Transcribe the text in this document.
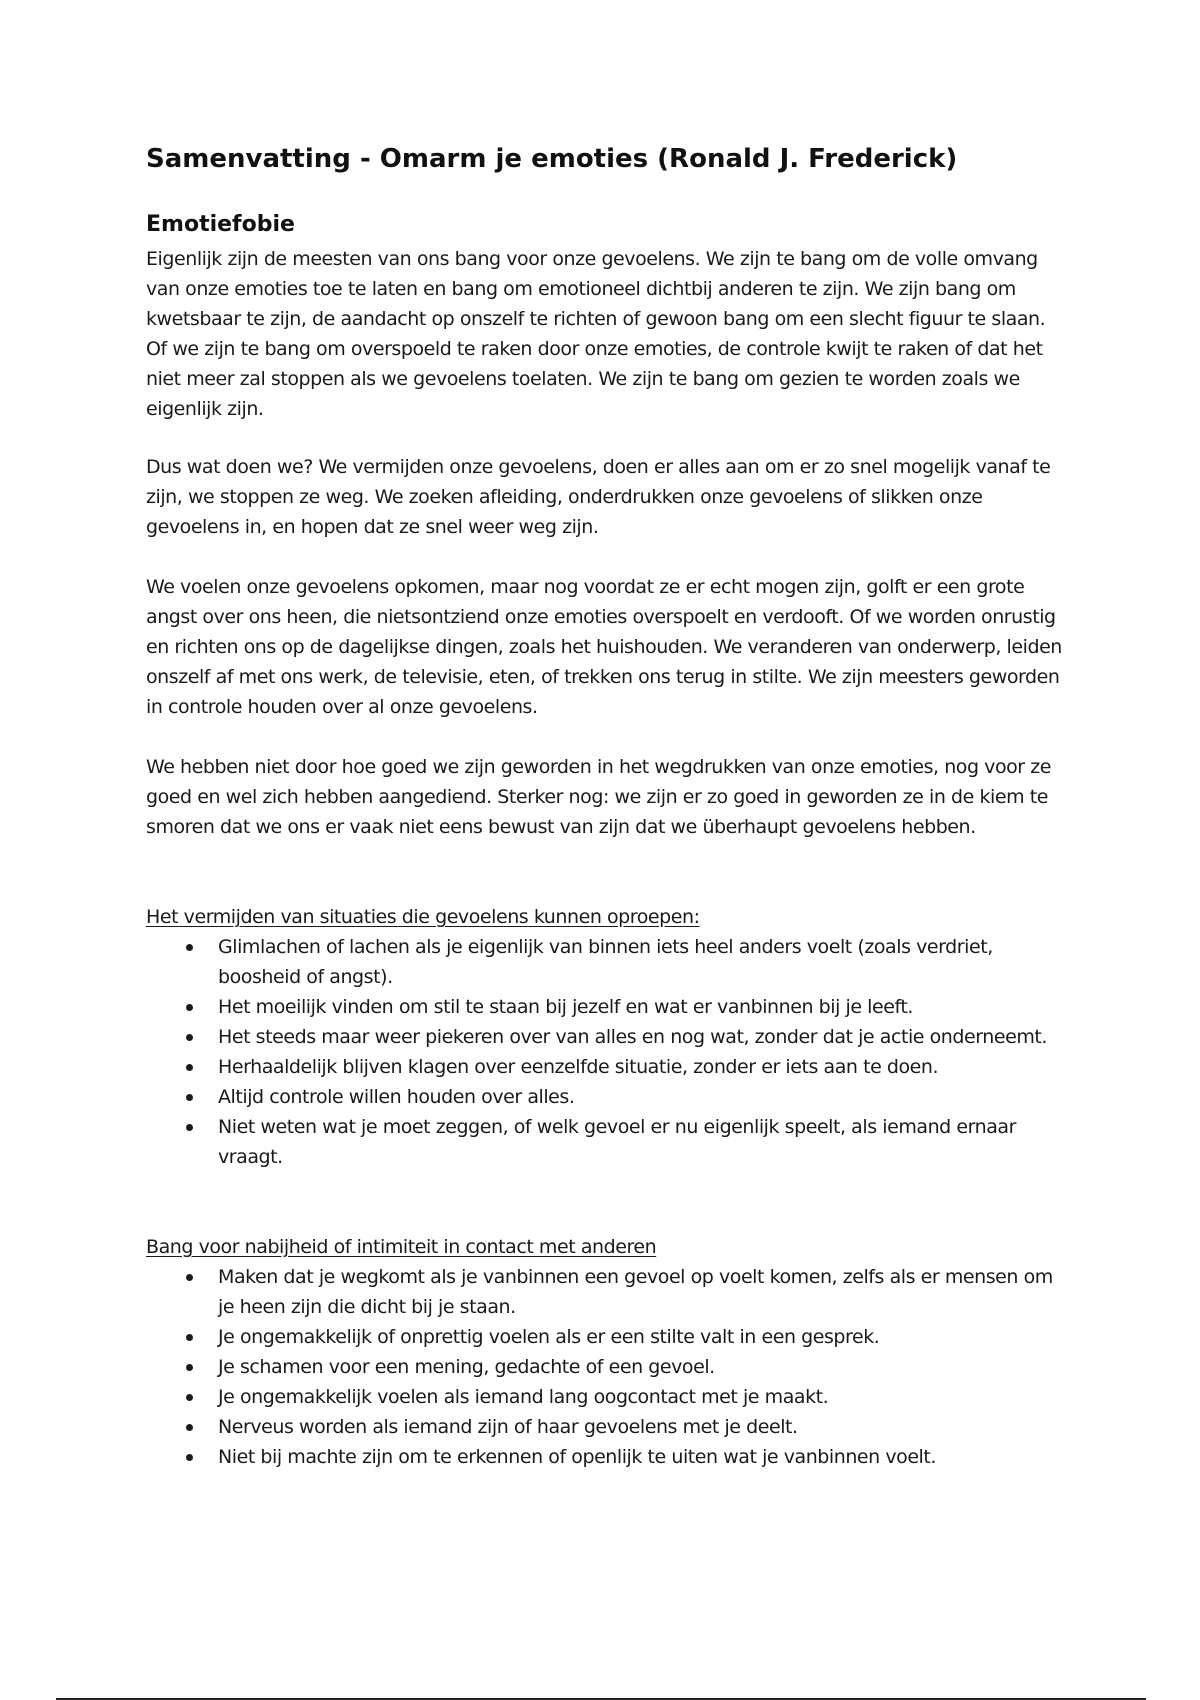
Samenvatting - Omarm je emoties (Ronald J. Frederick)
Emotiefobie

Eigenlijk zijn de meesten van ons bang voor onze gevoelens. We zijn te bang om de volle omvang van onze emoties toe te laten en bang om emotioneel dichtbij anderen te zijn. We zijn bang om kwetsbaar te zijn, de aandacht op onszelf te richten of gewoon bang om een slecht figuur te slaan. Of we zijn te bang om overspoeld te raken door onze emoties, de controle kwijt te raken of dat het niet meer zal stoppen als we gevoelens toelaten. We zijn te bang om gezien te worden zoals we eigenlijk zijn.

Dus wat doen we? We vermijden onze gevoelens, doen er alles aan om er zo snel mogelijk vanaf te zijn, we stoppen ze weg. We zoeken afleiding, onderdrukken onze gevoelens of slikken onze gevoelens in, en hopen dat ze snel weer weg zijn.

We voelen onze gevoelens opkomen, maar nog voordat ze er echt mogen zijn, golft er een grote angst over ons heen, die nietsontziend onze emoties overspoelt en verdooft. Of we worden onrustig en richten ons op de dagelijkse dingen, zoals het huishouden. We veranderen van onderwerp, leiden onszelf af met ons werk, de televisie, eten, of trekken ons terug in stilte. We zijn meesters geworden in controle houden over al onze gevoelens.

We hebben niet door hoe goed we zijn geworden in het wegdrukken van onze emoties, nog voor ze goed en wel zich hebben aangediend. Sterker nog: we zijn er zo goed in geworden ze in de kiem te smoren dat we ons er vaak niet eens bewust van zijn dat we überhaupt gevoelens hebben.

Het vermijden van situaties die gevoelens kunnen oproepen:

Glimlachen of lachen als je eigenlijk van binnen iets heel anders voelt (zoals verdriet, boosheid of angst).
Het moeilijk vinden om stil te staan bij jezelf en wat er vanbinnen bij je leeft.
Het steeds maar weer piekeren over van alles en nog wat, zonder dat je actie onderneemt.
Herhaaldelijk blijven klagen over eenzelfde situatie, zonder er iets aan te doen.
Altijd controle willen houden over alles.
Niet weten wat je moet zeggen, of welk gevoel er nu eigenlijk speelt, als iemand ernaar vraagt.

Bang voor nabijheid of intimiteit in contact met anderen

Maken dat je wegkomt als je vanbinnen een gevoel op voelt komen, zelfs als er mensen om je heen zijn die dicht bij je staan.
Je ongemakkelijk of onprettig voelen als er een stilte valt in een gesprek.
Je schamen voor een mening, gedachte of een gevoel.
Je ongemakkelijk voelen als iemand lang oogcontact met je maakt.
Nerveus worden als iemand zijn of haar gevoelens met je deelt.
Niet bij machte zijn om te erkennen of openlijk te uiten wat je vanbinnen voelt.
